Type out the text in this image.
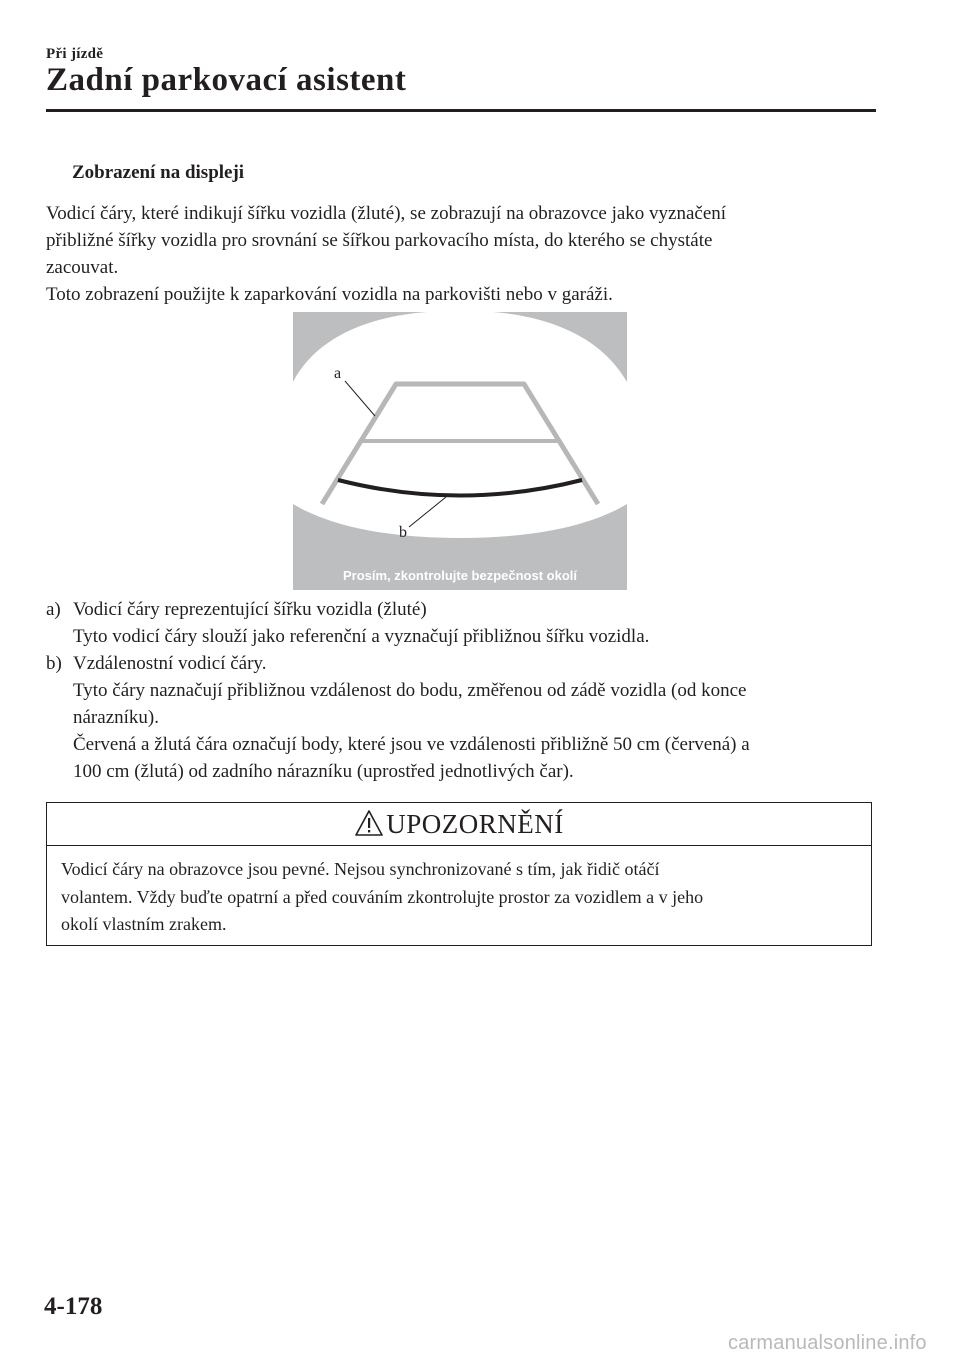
Při jízdě
Zadní parkovací asistent
Zobrazení na displeji

Vodicí čáry, které indikují šířku vozidla (žluté), se zobrazují na obrazovce jako vyznačení

přibližné šířky vozidla pro srovnání se šířkou parkovacího místa, do kterého se chystáte

zacouvat.

Toto zobrazení použijte k zaparkování vozidla na parkovišti nebo v garáži.

a
b
Prosím, zkontrolujte bezpečnost okolí
a) Vodicí čáry reprezentující šířku vozidla (žluté)

Tyto vodicí čáry slouží jako referenční a vyznačují přibližnou šířku vozidla.

b) Vzdálenostní vodicí čáry.

Tyto čáry naznačují přibližnou vzdálenost do bodu, změřenou od zádě vozidla (od konce

nárazníku).

Červená a žlutá čára označují body, které jsou ve vzdálenosti přibližně 50 cm (červená) a

100 cm (žlutá) od zadního nárazníku (uprostřed jednotlivých čar).

UPOZORNĚNÍ

Vodicí čáry na obrazovce jsou pevné. Nejsou synchronizované s tím, jak řidič otáčí

volantem. Vždy buďte opatrní a před couváním zkontrolujte prostor za vozidlem a v jeho

okolí vlastním zrakem.

4-178
carmanualsonline.info
